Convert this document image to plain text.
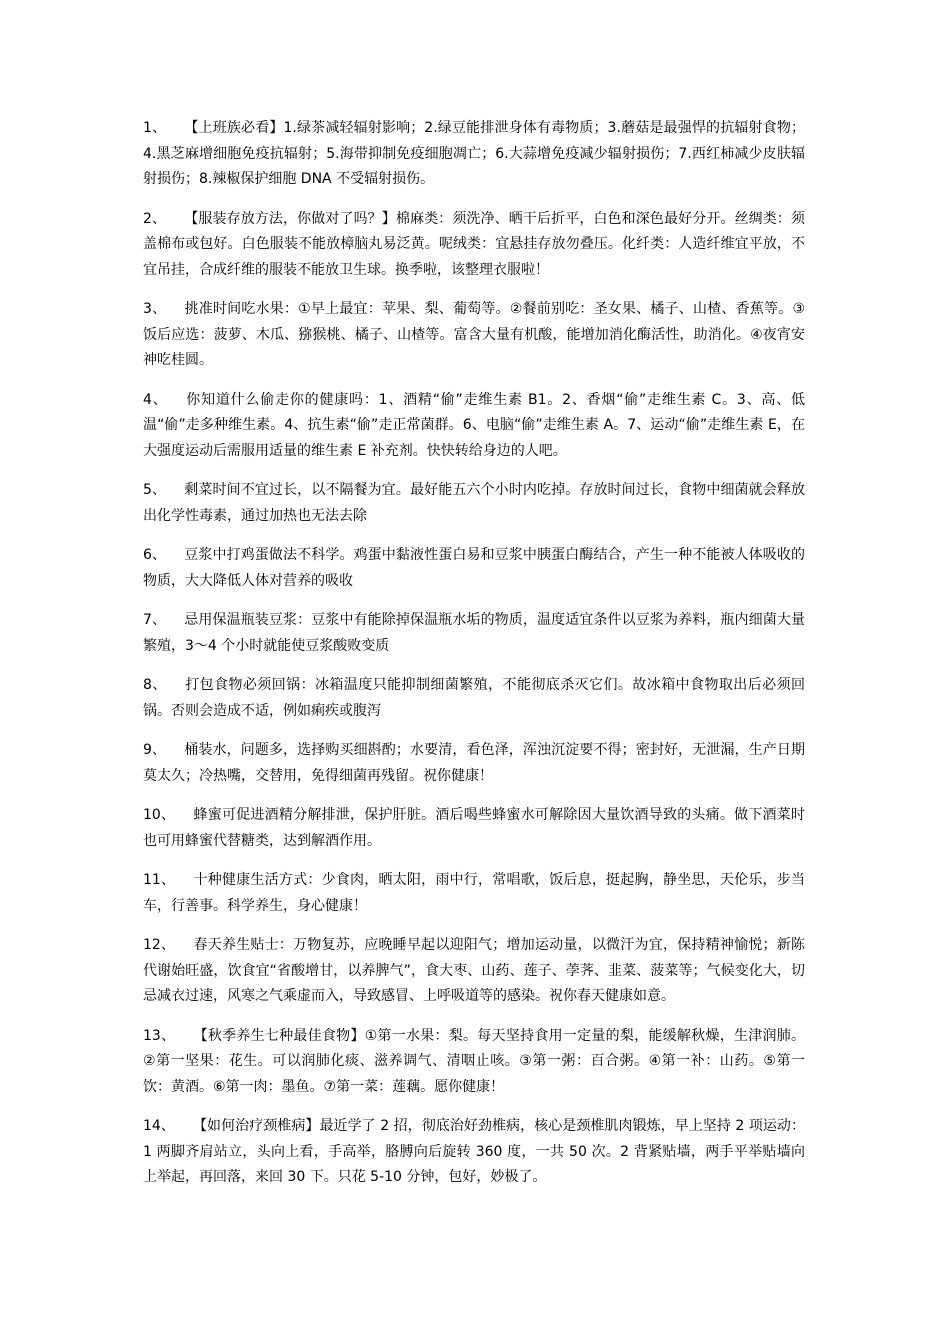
1、 【上班族必看】1.绿茶减轻辐射影响；2.绿豆能排泄身体有毒物质；3.蘑菇是最强悍的抗辐射食物；4.黑芝麻增细胞免疫抗辐射；5.海带抑制免疫细胞凋亡；6.大蒜增免疫减少辐射损伤；7.西红柿减少皮肤辐射损伤；8.辣椒保护细胞 DNA 不受辐射损伤。
2、 【服装存放方法，你做对了吗？】棉麻类：须洗净、晒干后折平，白色和深色最好分开。丝绸类：须盖棉布或包好。白色服装不能放樟脑丸易泛黄。呢绒类：宜悬挂存放勿叠压。化纤类：人造纤维宜平放，不宜吊挂，合成纤维的服装不能放卫生球。换季啦，该整理衣服啦！
3、 挑准时间吃水果：①早上最宜：苹果、梨、葡萄等。②餐前别吃：圣女果、橘子、山楂、香蕉等。③饭后应选：菠萝、木瓜、猕猴桃、橘子、山楂等。富含大量有机酸，能增加消化酶活性，助消化。④夜宵安神吃桂圆。
4、 你知道什么偷走你的健康吗：1、酒精“偷”走维生素 B1。2、香烟“偷”走维生素 C。3、高、低温“偷”走多种维生素。4、抗生素“偷”走正常菌群。6、电脑“偷”走维生素 A。7、运动“偷”走维生素 E，在大强度运动后需服用适量的维生素 E 补充剂。快快转给身边的人吧。
5、 剩菜时间不宜过长，以不隔餐为宜。最好能五六个小时内吃掉。存放时间过长，食物中细菌就会释放出化学性毒素，通过加热也无法去除
6、 豆浆中打鸡蛋做法不科学。鸡蛋中黏液性蛋白易和豆浆中胰蛋白酶结合，产生一种不能被人体吸收的物质，大大降低人体对营养的吸收
7、 忌用保温瓶装豆浆：豆浆中有能除掉保温瓶水垢的物质，温度适宜条件以豆浆为养料，瓶内细菌大量繁殖，3～4 个小时就能使豆浆酸败变质
8、 打包食物必须回锅：冰箱温度只能抑制细菌繁殖，不能彻底杀灭它们。故冰箱中食物取出后必须回锅。否则会造成不适，例如痢疾或腹泻
9、 桶装水，问题多，选择购买细斟酌；水要清，看色泽，浑浊沉淀要不得；密封好，无泄漏，生产日期莫太久；冷热嘴，交替用，免得细菌再残留。祝你健康！
10、 蜂蜜可促进酒精分解排泄，保护肝脏。酒后喝些蜂蜜水可解除因大量饮酒导致的头痛。做下酒菜时也可用蜂蜜代替糖类，达到解酒作用。
11、 十种健康生活方式：少食肉，晒太阳，雨中行，常唱歌，饭后息，挺起胸，静坐思，天伦乐，步当车，行善事。科学养生，身心健康！
12、 春天养生贴士：万物复苏，应晚睡早起以迎阳气；增加运动量，以微汗为宜，保持精神愉悦；新陈代谢始旺盛，饮食宜“省酸增甘，以养脾气”，食大枣、山药、莲子、荸荠、韭菜、菠菜等；气候变化大，切忌减衣过速，风寒之气乘虚而入，导致感冒、上呼吸道等的感染。祝你春天健康如意。
13、 【秋季养生七种最佳食物】①第一水果：梨。每天坚持食用一定量的梨，能缓解秋燥，生津润肺。②第一坚果：花生。可以润肺化痰、滋养调气、清咽止咳。③第一粥：百合粥。④第一补：山药。⑤第一饮：黄酒。⑥第一肉：墨鱼。⑦第一菜：莲藕。愿你健康！
14、 【如何治疗颈椎病】最近学了 2 招，彻底治好劲椎病，核心是颈椎肌肉锻炼，早上坚持 2 项运动：1 两脚齐肩站立，头向上看，手高举，胳膊向后旋转 360 度，一共 50 次。2 背紧贴墙，两手平举贴墙向上举起，再回落，来回 30 下。只花 5-10 分钟，包好，妙极了。
